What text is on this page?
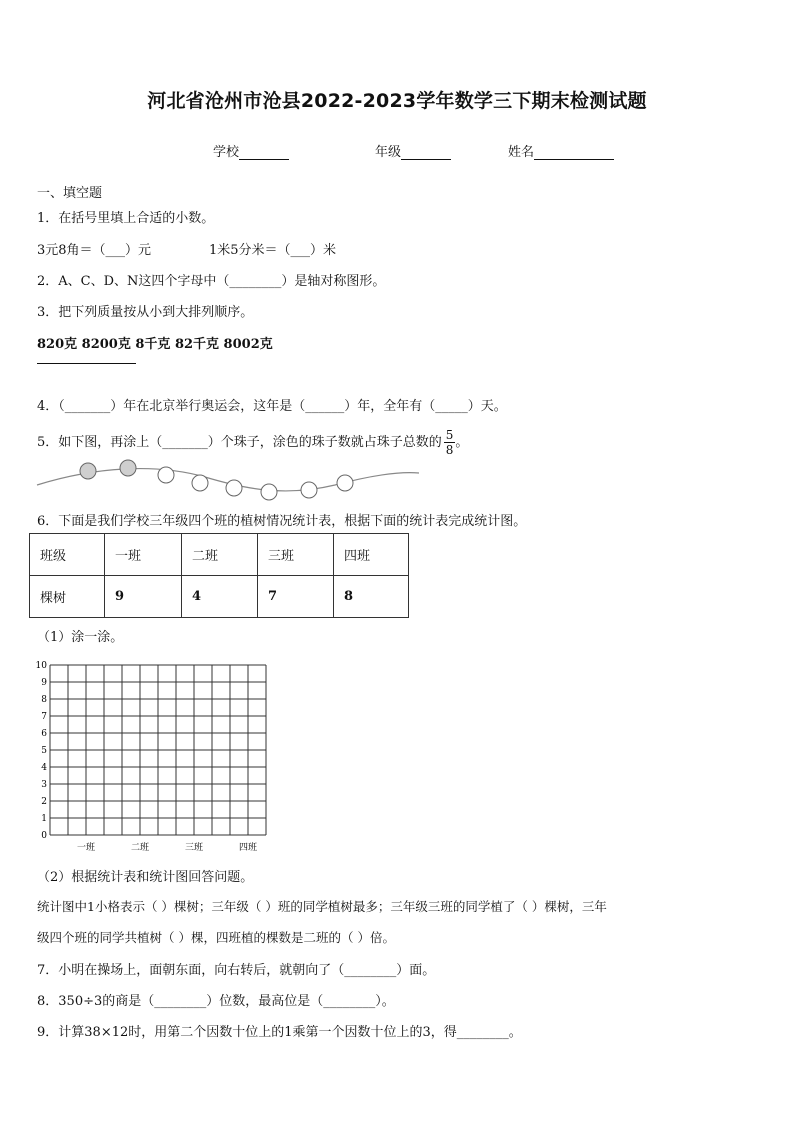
河北省沧州市沧县2022-2023学年数学三下期末检测试题
学校	年级	姓名
一、填空题
1．在括号里填上合适的小数。
3元8角＝（___）元	1米5分米＝（___）米
2．A、C、D、N这四个字母中（________）是轴对称图形。
3．把下列质量按从小到大排列顺序。
820克 8200克 8千克 82千克 8002克
4．（_______）年在北京举行奥运会，这年是（______）年，全年有（_____）天。
5．如下图，再涂上（_______）个珠子，涂色的珠子数就占珠子总数的 $\frac{5}{8}$ 。
6．下面是我们学校三年级四个班的植树情况统计表，根据下面的统计表完成统计图。
班级	一班	二班	三班	四班
棵树	9	4	7	8
（1）涂一涂。
0
1
2
3
4
5
6
7
8
9
10
一班	二班	三班	四班
（2）根据统计表和统计图回答问题。
统计图中1小格表示（ ）棵树；三年级（ ）班的同学植树最多；三年级三班的同学植了（ ）棵树，三年
级四个班的同学共植树（ ）棵，四班植的棵数是二班的（ ）倍。
7．小明在操场上，面朝东面，向右转后，就朝向了（________）面。
8．350÷3的商是（________）位数，最高位是（________）。
9．计算38×12时，用第二个因数十位上的1乘第一个因数十位上的3，得________。
